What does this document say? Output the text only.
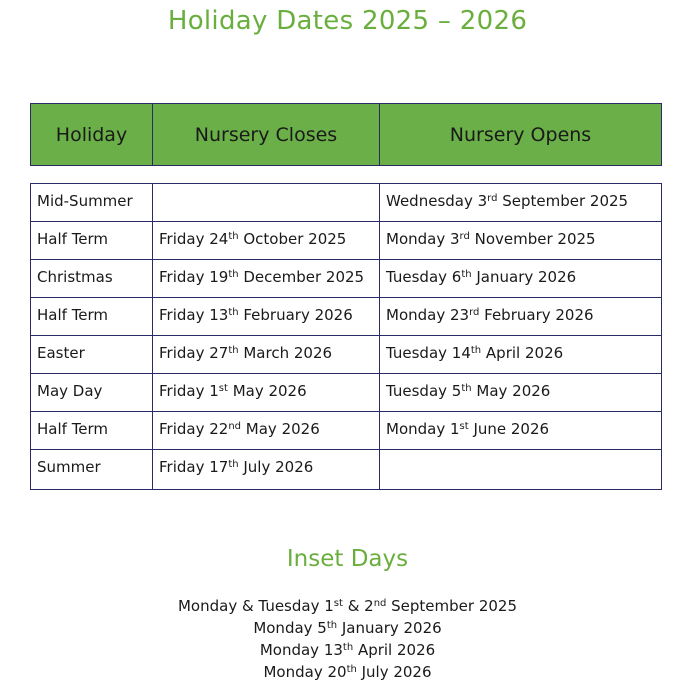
Holiday Dates 2025 – 2026
Holiday	Nursery Closes	Nursery Opens
Mid-Summer		Wednesday 3rd September 2025
Half Term	Friday 24th October 2025	Monday 3rd November 2025
Christmas	Friday 19th December 2025	Tuesday 6th January 2026
Half Term	Friday 13th February 2026	Monday 23rd February 2026
Easter	Friday 27th March 2026	Tuesday 14th April 2026
May Day	Friday 1st May 2026	Tuesday 5th May 2026
Half Term	Friday 22nd May 2026	Monday 1st June 2026
Summer	Friday 17th July 2026	
Inset Days
Monday & Tuesday 1st & 2nd September 2025
Monday 5th January 2026
Monday 13th April 2026
Monday 20th July 2026
